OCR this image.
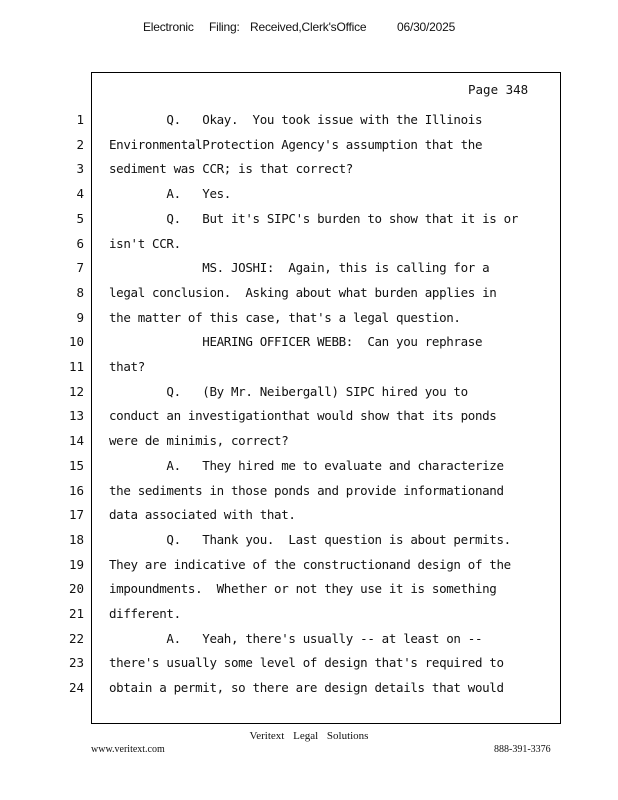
Electronic Filing: Received,Clerk'sOffice	06/30/2025
Page 348
1 Q.   Okay.  You took issue with the Illinois
2 EnvironmentalProtection Agency's assumption that the
3 sediment was CCR; is that correct?
4 A.   Yes.
5 Q.   But it's SIPC's burden to show that it is or
6 isn't CCR.
7 MS. JOSHI:  Again, this is calling for a
8 legal conclusion.  Asking about what burden applies in
9 the matter of this case, that's a legal question.
10 HEARING OFFICER WEBB:  Can you rephrase
11 that?
12 Q.   (By Mr. Neibergall) SIPC hired you to
13 conduct an investigationthat would show that its ponds
14 were de minimis, correct?
15 A.   They hired me to evaluate and characterize
16 the sediments in those ponds and provide informationand
17 data associated with that.
18 Q.   Thank you.  Last question is about permits.
19 They are indicative of the constructionand design of the
20 impoundments.  Whether or not they use it is something
21 different.
22 A.   Yeah, there's usually -- at least on --
23 there's usually some level of design that's required to
24 obtain a permit, so there are design details that would
Veritext Legal Solutions
www.veritext.com	888-391-3376
